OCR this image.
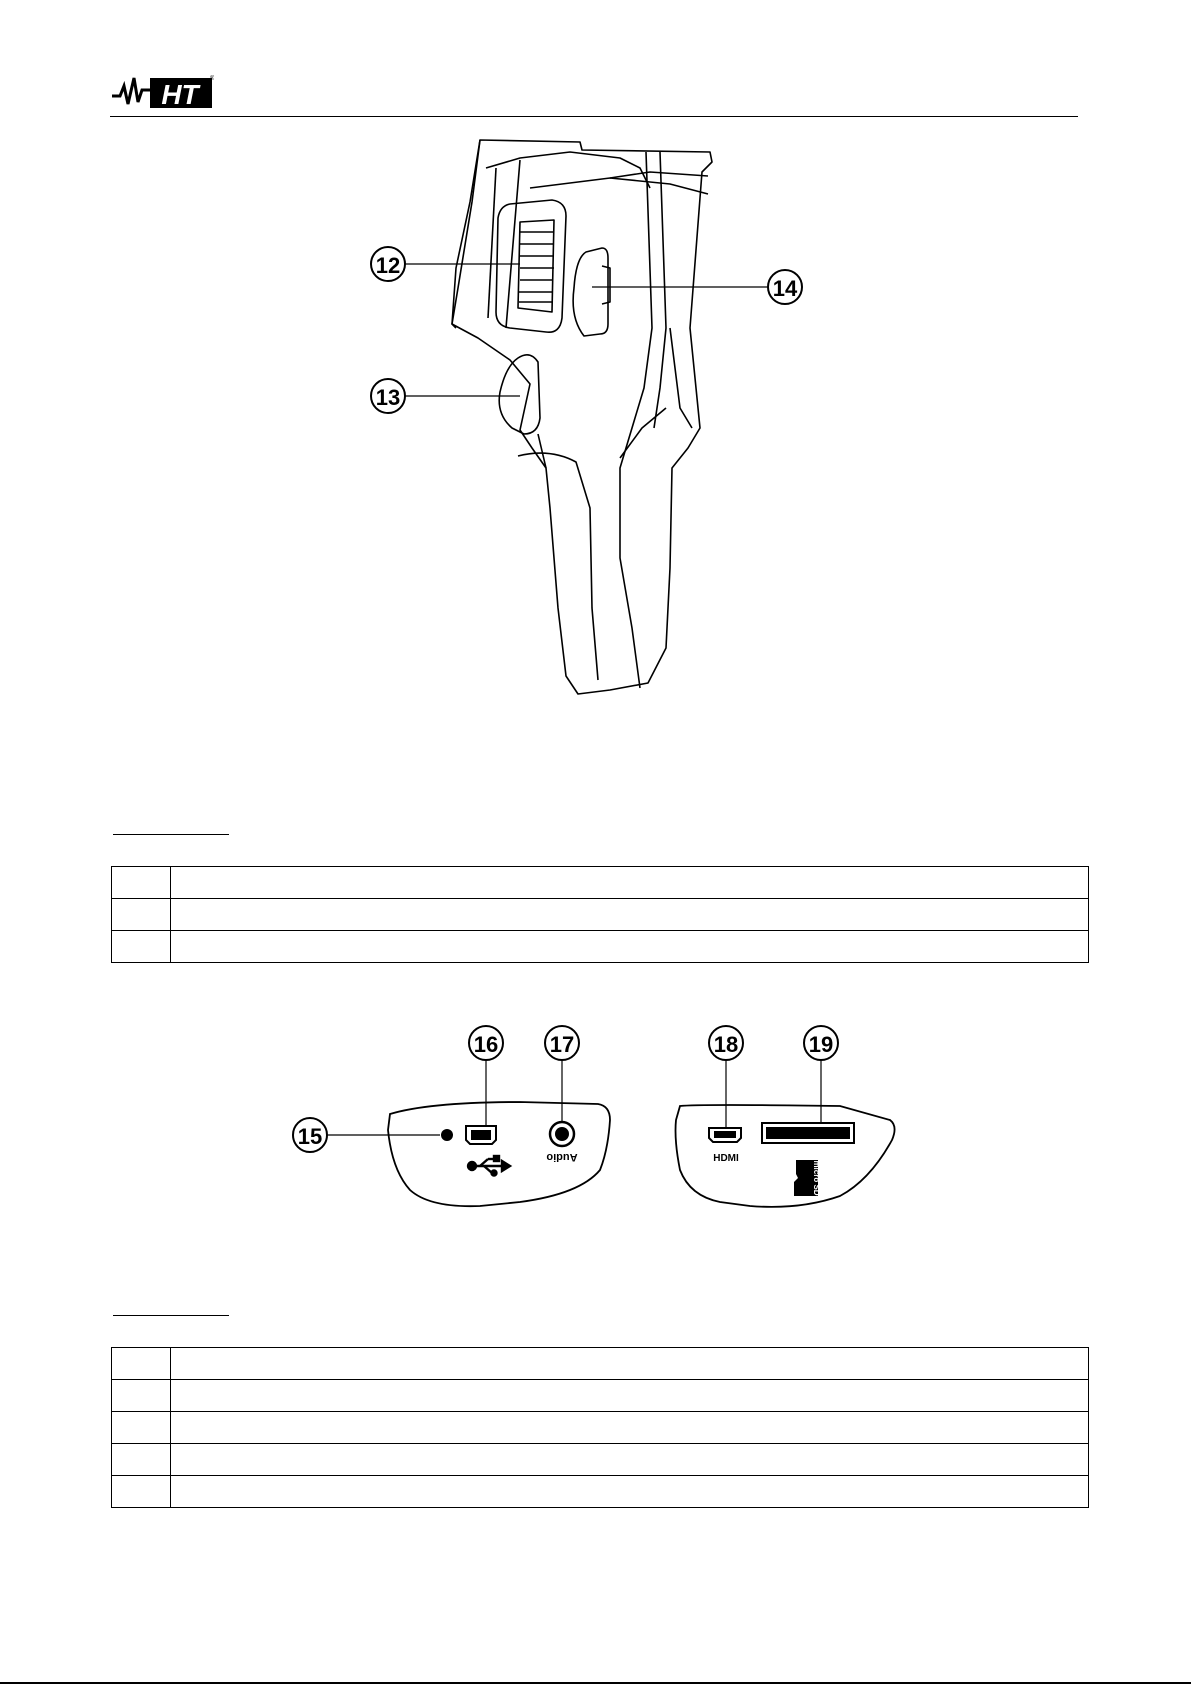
HT	®
12
13
14

Audio	HDMI
micro SD
15
16 17	18	19
